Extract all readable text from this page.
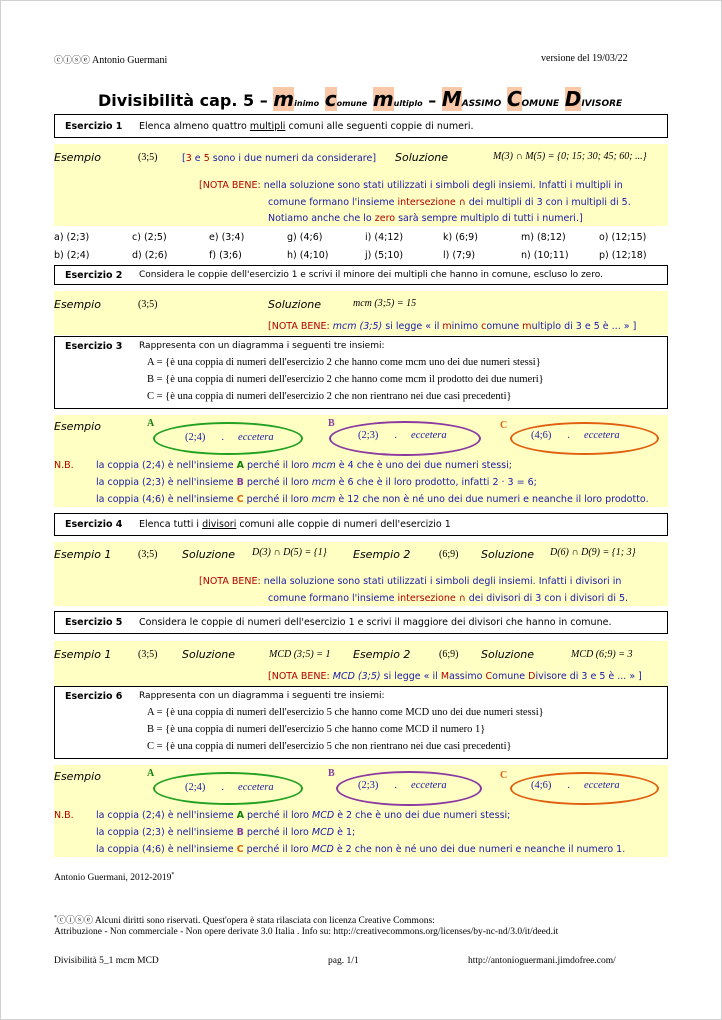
ⓒⓘⓢⓔ Antonio Guermani	versione del 19/03/22
Divisibilità cap. 5 – minimo comune multiplo – MASSIMO COMUNE DIVISORE
Esercizio 1 Elenca almeno quattro multipli comuni alle seguenti coppie di numeri.
Esempio	(3;5)	[3 e 5 sono i due numeri da considerare] Soluzione	M(3) ∩ M(5) = {0; 15; 30; 45; 60; ...}
[NOTA BENE: nella soluzione sono stati utilizzati i simboli degli insiemi. Infatti i multipli in
comune formano l'insieme intersezione ∩ dei multipli di 3 con i multipli di 5.
Notiamo anche che lo zero sarà sempre multiplo di tutti i numeri.]
a) (2;3)	c) (2;5)	e) (3;4)	g) (4;6)	i) (4;12)	k) (6;9)	m) (8;12)	o) (12;15)
b) (2;4)	d) (2;6)	f) (3;6)	h) (4;10)	j) (5;10)	l) (7;9)	n) (10;11)	p) (12;18)
Esercizio 2 Considera le coppie dell'esercizio 1 e scrivi il minore dei multipli che hanno in comune, escluso lo zero.
Esempio	(3;5)	Soluzione	mcm (3;5) = 15
[NOTA BENE: mcm (3;5) si legge « il minimo comune multiplo di 3 e 5 è ... » ]
Esercizio 3 Rappresenta con un diagramma i seguenti tre insiemi:
A = {è una coppia di numeri dell'esercizio 2 che hanno come mcm uno dei due numeri stessi}
B = {è una coppia di numeri dell'esercizio 2 che hanno come mcm il prodotto dei due numeri}
C = {è una coppia di numeri dell'esercizio 2 che non rientrano nei due casi precedenti}
Esempio	A	B	C
(2;4) . eccetera	(2;3) . eccetera	(4;6) . eccetera
N.B. la coppia (2;4) è nell'insieme A perché il loro mcm è 4 che è uno dei due numeri stessi;
la coppia (2;3) è nell'insieme B perché il loro mcm è 6 che è il loro prodotto, infatti 2 · 3 = 6;
la coppia (4;6) è nell'insieme C perché il loro mcm è 12 che non è né uno dei due numeri e neanche il loro prodotto.
Esercizio 4 Elenca tutti i divisori comuni alle coppie di numeri dell'esercizio 1
Esempio 1	(3;5) Soluzione D(3) ∩ D(5) = {1} Esempio 2	(6;9) Soluzione D(6) ∩ D(9) = {1; 3}
[NOTA BENE: nella soluzione sono stati utilizzati i simboli degli insiemi. Infatti i divisori in
comune formano l'insieme intersezione ∩ dei divisori di 3 con i divisori di 5.
Esercizio 5 Considera le coppie di numeri dell'esercizio 1 e scrivi il maggiore dei divisori che hanno in comune.
Esempio 1	(3;5) Soluzione	MCD (3;5) = 1 Esempio 2	(6;9) Soluzione	MCD (6;9) = 3
[NOTA BENE: MCD (3;5) si legge « il Massimo Comune Divisore di 3 e 5 è ... » ]
Esercizio 6 Rappresenta con un diagramma i seguenti tre insiemi:
A = {è una coppia di numeri dell'esercizio 5 che hanno come MCD uno dei due numeri stessi}
B = {è una coppia di numeri dell'esercizio 5 che hanno come MCD il numero 1}
C = {è una coppia di numeri dell'esercizio 5 che non rientrano nei due casi precedenti}
Esempio	A	B	C
(2;4) . eccetera	(2;3) . eccetera	(4;6) . eccetera
N.B. la coppia (2;4) è nell'insieme A perché il loro MCD è 2 che è uno dei due numeri stessi;
la coppia (2;3) è nell'insieme B perché il loro MCD è 1;
la coppia (4;6) è nell'insieme C perché il loro MCD è 2 che non è né uno dei due numeri e neanche il numero 1.
Antonio Guermani, 2012-2019*
*ⓒⓘⓢⓔ Alcuni diritti sono riservati. Quest'opera è stata rilasciata con licenza Creative Commons:
Attribuzione - Non commerciale - Non opere derivate 3.0 Italia . Info su: http://creativecommons.org/licenses/by-nc-nd/3.0/it/deed.it
Divisibilità 5_1 mcm MCD	pag. 1/1	http://antonioguermani.jimdofree.com/
